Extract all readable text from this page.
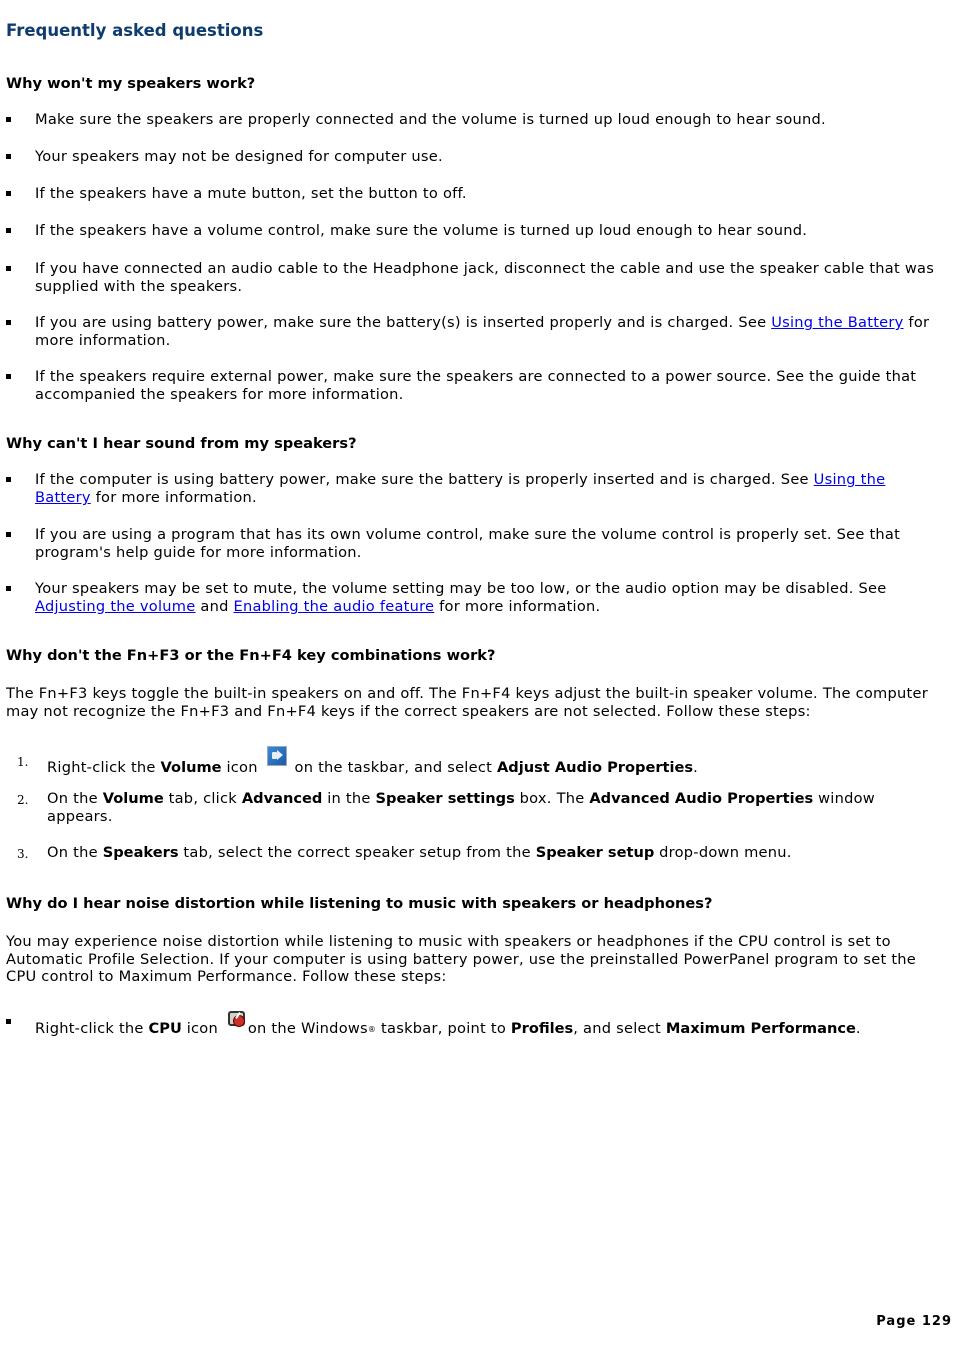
Frequently asked questions
Why won't my speakers work?
Make sure the speakers are properly connected and the volume is turned up loud enough to hear sound.
Your speakers may not be designed for computer use.
If the speakers have a mute button, set the button to off.
If the speakers have a volume control, make sure the volume is turned up loud enough to hear sound.
If you have connected an audio cable to the Headphone jack, disconnect the cable and use the speaker cable that was supplied with the speakers.
If you are using battery power, make sure the battery(s) is inserted properly and is charged. See Using the Battery for more information.
If the speakers require external power, make sure the speakers are connected to a power source. See the guide that accompanied the speakers for more information.
Why can't I hear sound from my speakers?
If the computer is using battery power, make sure the battery is properly inserted and is charged. See Using the Battery for more information.
If you are using a program that has its own volume control, make sure the volume control is properly set. See that program's help guide for more information.
Your speakers may be set to mute, the volume setting may be too low, or the audio option may be disabled. See Adjusting the volume and Enabling the audio feature for more information.
Why don't the Fn+F3 or the Fn+F4 key combinations work?
The Fn+F3 keys toggle the built-in speakers on and off. The Fn+F4 keys adjust the built-in speaker volume. The computer may not recognize the Fn+F3 and Fn+F4 keys if the correct speakers are not selected. Follow these steps:
1. Right-click the Volume icon  on the taskbar, and select Adjust Audio Properties.
2. On the Volume tab, click Advanced in the Speaker settings box. The Advanced Audio Properties window appears.
3. On the Speakers tab, select the correct speaker setup from the Speaker setup drop-down menu.
Why do I hear noise distortion while listening to music with speakers or headphones?
You may experience noise distortion while listening to music with speakers or headphones if the CPU control is set to Automatic Profile Selection. If your computer is using battery power, use the preinstalled PowerPanel program to set the CPU control to Maximum Performance. Follow these steps:
Right-click the CPU icon
on the Windows® taskbar, point to Profiles, and select Maximum Performance.
Page 129
